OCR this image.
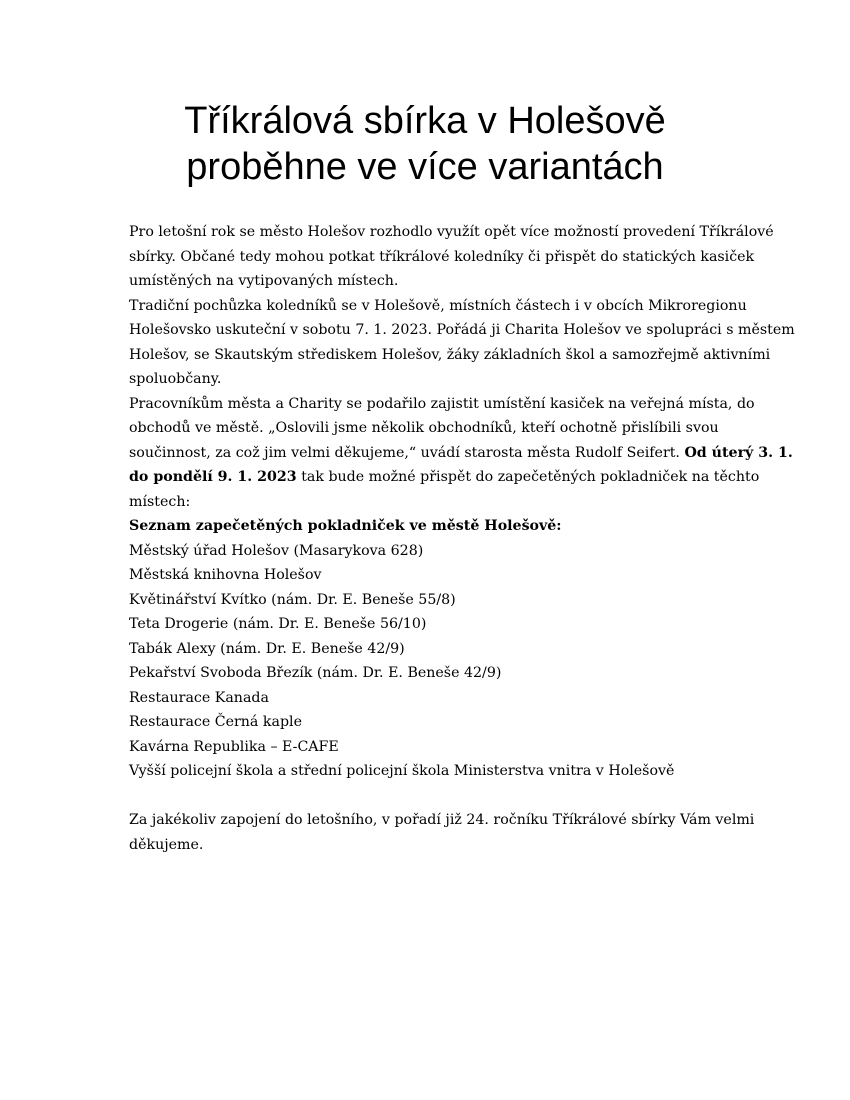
Tříkrálová sbírka v Holešově
proběhne ve více variantách

Pro letošní rok se město Holešov rozhodlo využít opět více možností provedení Tříkrálové
sbírky. Občané tedy mohou potkat tříkrálové koledníky či přispět do statických kasiček
umístěných na vytipovaných místech.

Tradiční pochůzka koledníků se v Holešově, místních částech i v obcích Mikroregionu
Holešovsko uskuteční v sobotu 7. 1. 2023. Pořádá ji Charita Holešov ve spolupráci s městem
Holešov, se Skautským střediskem Holešov, žáky základních škol a samozřejmě aktivními
spoluobčany.

Pracovníkům města a Charity se podařilo zajistit umístění kasiček na veřejná místa, do
obchodů ve městě. „Oslovili jsme několik obchodníků, kteří ochotně přislíbili svou
součinnost, za což jim velmi děkujeme,“ uvádí starosta města Rudolf Seifert. Od úterý 3. 1.
do pondělí 9. 1. 2023 tak bude možné přispět do zapečetěných pokladniček na těchto
místech:

Seznam zapečetěných pokladniček ve městě Holešově:

Městský úřad Holešov (Masarykova 628)
Městská knihovna Holešov
Květinářství Kvítko (nám. Dr. E. Beneše 55/8)
Teta Drogerie (nám. Dr. E. Beneše 56/10)
Tabák Alexy (nám. Dr. E. Beneše 42/9)
Pekařství Svoboda Březík (nám. Dr. E. Beneše 42/9)
Restaurace Kanada
Restaurace Černá kaple
Kavárna Republika – E-CAFE
Vyšší policejní škola a střední policejní škola Ministerstva vnitra v Holešově

Za jakékoliv zapojení do letošního, v pořadí již 24. ročníku Tříkrálové sbírky Vám velmi
děkujeme.
